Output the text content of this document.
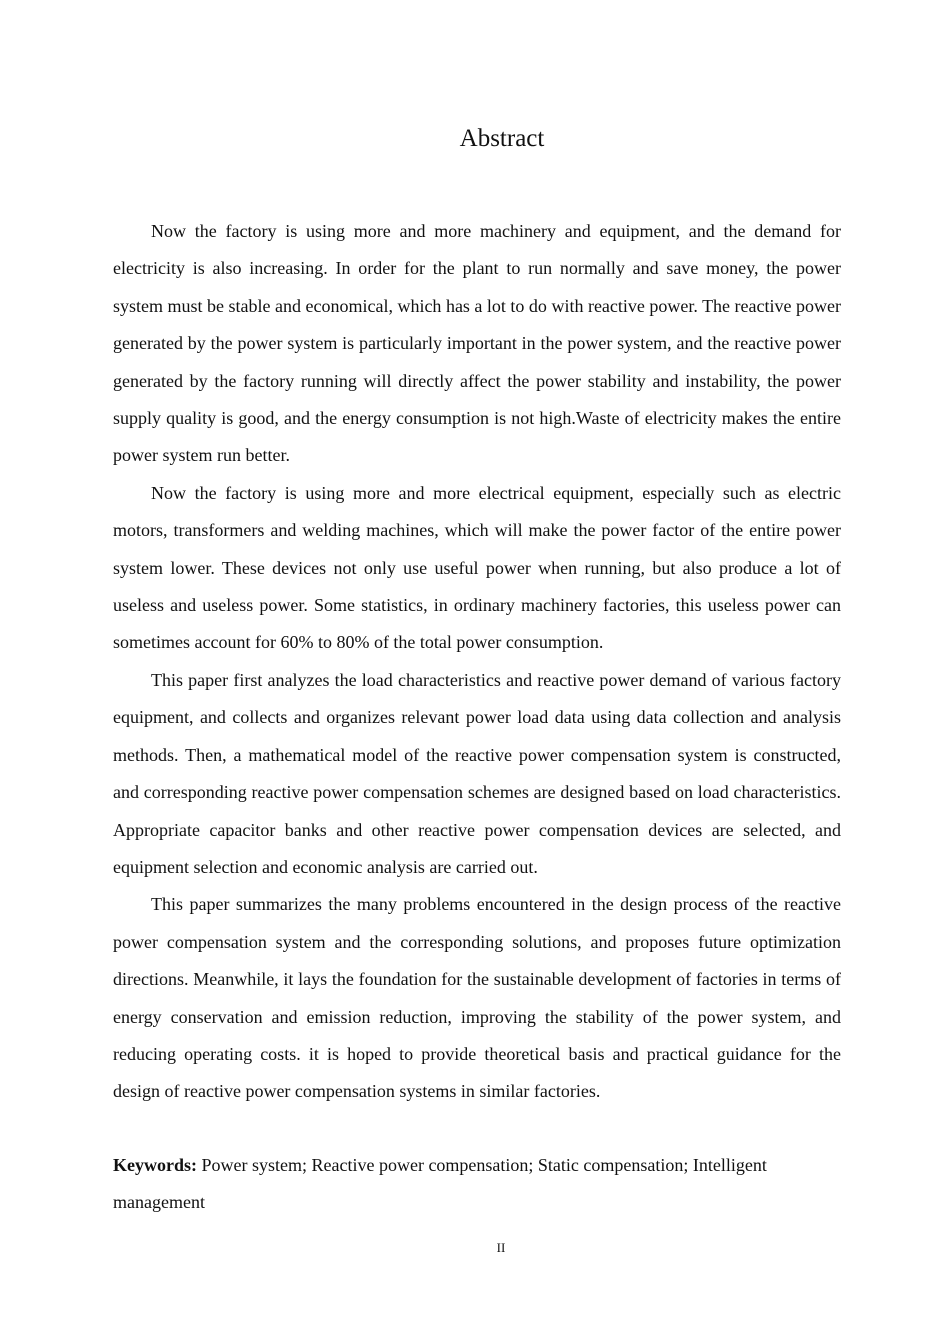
Abstract

Now the factory is using more and more machinery and equipment, and the demand for electricity is also increasing. In order for the plant to run normally and save money, the power system must be stable and economical, which has a lot to do with reactive power. The reactive power generated by the power system is particularly important in the power system, and the reactive power generated by the factory running will directly affect the power stability and instability, the power supply quality is good, and the energy consumption is not high.Waste of electricity makes the entire power system run better.

Now the factory is using more and more electrical equipment, especially such as electric motors, transformers and welding machines, which will make the power factor of the entire power system lower. These devices not only use useful power when running, but also produce a lot of useless and useless power. Some statistics, in ordinary machinery factories, this useless power can sometimes account for 60% to 80% of the total power consumption.

This paper first analyzes the load characteristics and reactive power demand of various factory equipment, and collects and organizes relevant power load data using data collection and analysis methods. Then, a mathematical model of the reactive power compensation system is constructed, and corresponding reactive power compensation schemes are designed based on load characteristics. Appropriate capacitor banks and other reactive power compensation devices are selected, and equipment selection and economic analysis are carried out.

This paper summarizes the many problems encountered in the design process of the reactive power compensation system and the corresponding solutions, and proposes future optimization directions. Meanwhile, it lays the foundation for the sustainable development of factories in terms of energy conservation and emission reduction, improving the stability of the power system, and reducing operating costs. it is hoped to provide theoretical basis and practical guidance for the design of reactive power compensation systems in similar factories.

Keywords: Power system; Reactive power compensation; Static compensation; Intelligent management

II
